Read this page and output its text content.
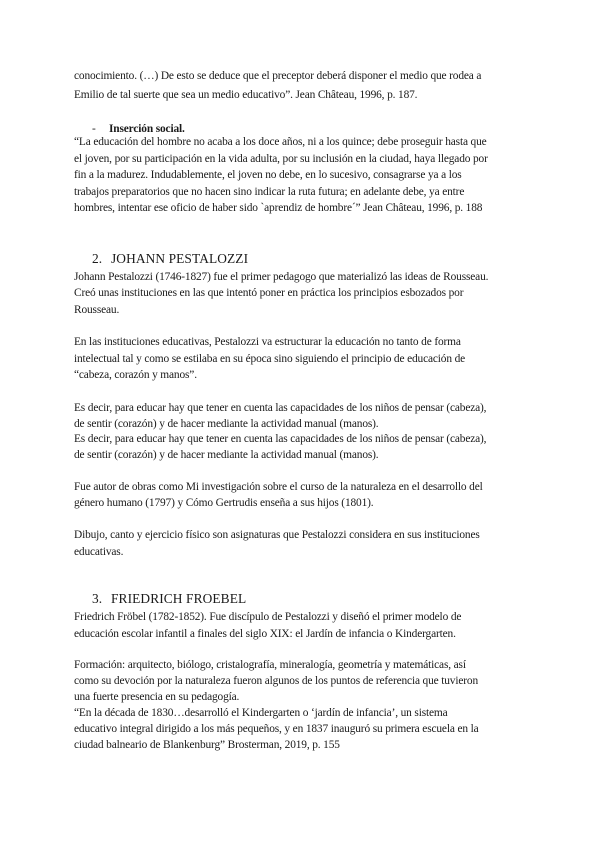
conocimiento. (…) De esto se deduce que el preceptor deberá disponer el medio que rodea a
Emilio de tal suerte que sea un medio educativo”. Jean Château, 1996, p. 187.
- Inserción social.
“La educación del hombre no acaba a los doce años, ni a los quince; debe proseguir hasta que
el joven, por su participación en la vida adulta, por su inclusión en la ciudad, haya llegado por
fin a la madurez. Indudablemente, el joven no debe, en lo sucesivo, consagrarse ya a los
trabajos preparatorios que no hacen sino indicar la ruta futura; en adelante debe, ya entre
hombres, intentar ese oficio de haber sido `aprendiz de hombre´” Jean Château, 1996, p. 188
2. JOHANN PESTALOZZI
Johann Pestalozzi (1746-1827) fue el primer pedagogo que materializó las ideas de Rousseau.
Creó unas instituciones en las que intentó poner en práctica los principios esbozados por
Rousseau.
En las instituciones educativas, Pestalozzi va estructurar la educación no tanto de forma
intelectual tal y como se estilaba en su época sino siguiendo el principio de educación de
“cabeza, corazón y manos”.
Es decir, para educar hay que tener en cuenta las capacidades de los niños de pensar (cabeza),
de sentir (corazón) y de hacer mediante la actividad manual (manos).
Es decir, para educar hay que tener en cuenta las capacidades de los niños de pensar (cabeza),
de sentir (corazón) y de hacer mediante la actividad manual (manos).
Fue autor de obras como Mi investigación sobre el curso de la naturaleza en el desarrollo del
género humano (1797) y Cómo Gertrudis enseña a sus hijos (1801).
Dibujo, canto y ejercicio físico son asignaturas que Pestalozzi considera en sus instituciones
educativas.
3. FRIEDRICH FROEBEL
Friedrich Fröbel (1782-1852). Fue discípulo de Pestalozzi y diseñó el primer modelo de
educación escolar infantil a finales del siglo XIX: el Jardín de infancia o Kindergarten.
Formación: arquitecto, biólogo, cristalografía, mineralogía, geometría y matemáticas, así
como su devoción por la naturaleza fueron algunos de los puntos de referencia que tuvieron
una fuerte presencia en su pedagogía.
“En la década de 1830…desarrolló el Kindergarten o ‘jardín de infancia’, un sistema
educativo integral dirigido a los más pequeños, y en 1837 inauguró su primera escuela en la
ciudad balneario de Blankenburg” Brosterman, 2019, p. 155
